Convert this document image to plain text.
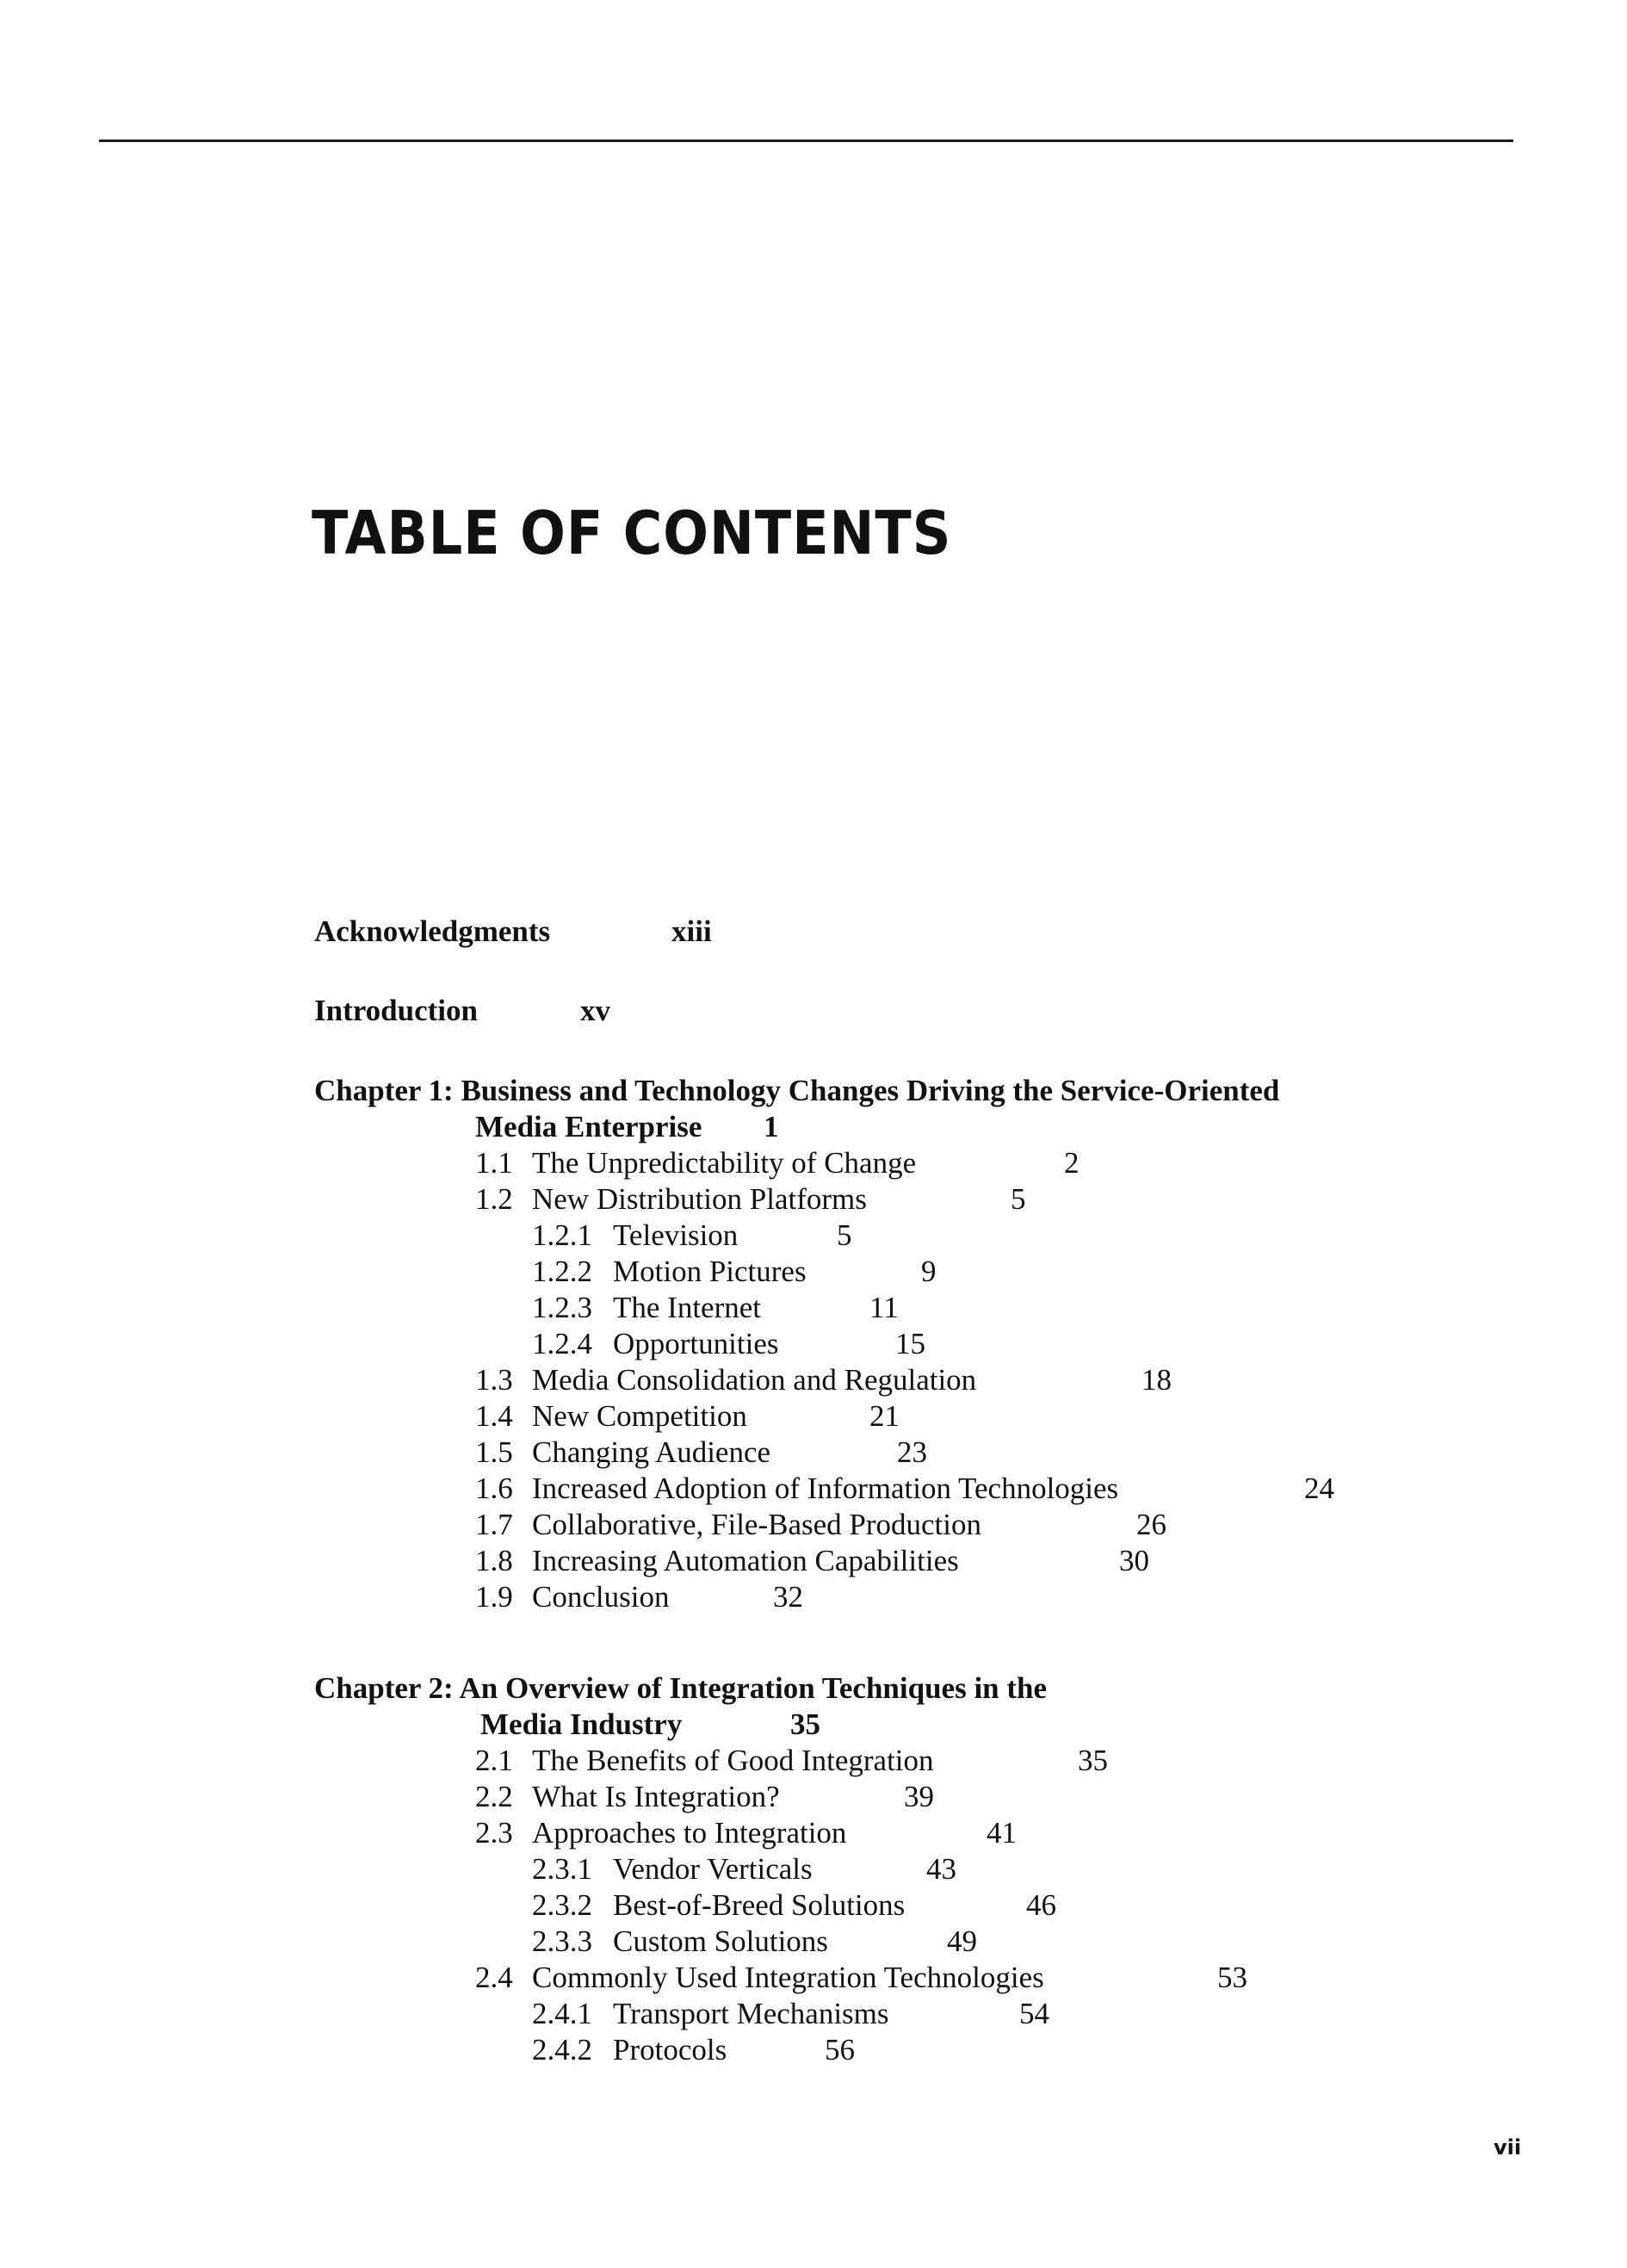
TABLE OF CONTENTS
Acknowledgments	xiii
Introduction	xv
Chapter 1: Business and Technology Changes Driving the Service-Oriented
Media Enterprise 1
1.1 The Unpredictability of Change	2
1.2 New Distribution Platforms	5
1.2.1 Television	5
1.2.2 Motion Pictures	9
1.2.3 The Internet	11
1.2.4 Opportunities	15
1.3 Media Consolidation and Regulation	18
1.4 New Competition	21
1.5 Changing Audience	23
1.6 Increased Adoption of Information Technologies	24
1.7 Collaborative, File-Based Production	26
1.8 Increasing Automation Capabilities	30
1.9 Conclusion	32
Chapter 2: An Overview of Integration Techniques in the
Media Industry	35
2.1 The Benefits of Good Integration	35
2.2 What Is Integration?	39
2.3 Approaches to Integration	41
2.3.1 Vendor Verticals	43
2.3.2 Best-of-Breed Solutions	46
2.3.3 Custom Solutions	49
2.4 Commonly Used Integration Technologies	53
2.4.1 Transport Mechanisms	54
2.4.2 Protocols	56
vii
